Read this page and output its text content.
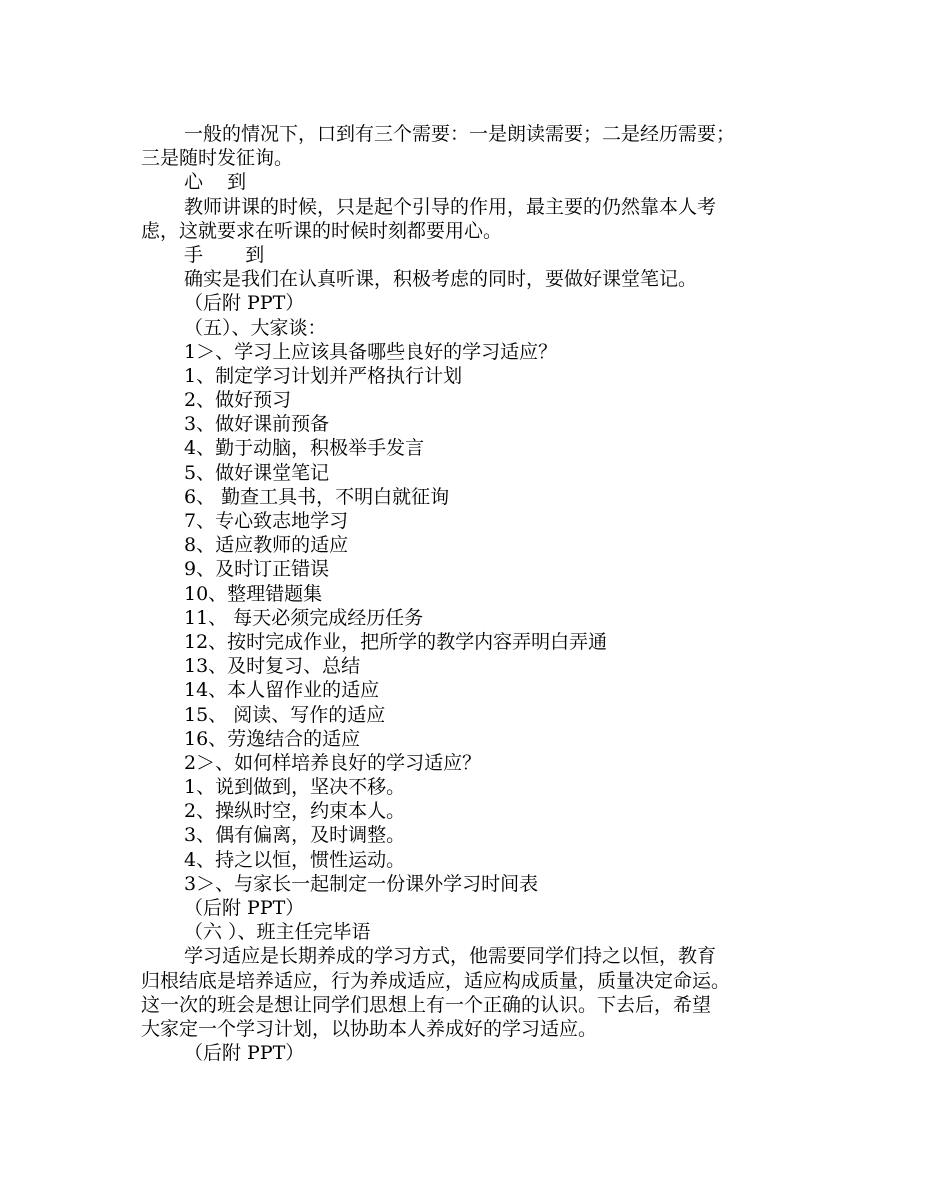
一般的情况下，口到有三个需要：一是朗读需要；二是经历需要；
三是随时发征询。
心    到
教师讲课的时候，只是起个引导的作用，最主要的仍然靠本人考
虑，这就要求在听课的时候时刻都要用心。
手       到
确实是我们在认真听课，积极考虑的同时，要做好课堂笔记。
（后附 PPT）
（五）、大家谈：
1＞、学习上应该具备哪些良好的学习适应？
1、制定学习计划并严格执行计划
2、做好预习
3、做好课前预备
4、勤于动脑，积极举手发言
5、做好课堂笔记
6、 勤查工具书，不明白就征询
7、专心致志地学习
8、适应教师的适应
9、及时订正错误
10、整理错题集
11、 每天必须完成经历任务
12、按时完成作业，把所学的教学内容弄明白弄通
13、及时复习、总结
14、本人留作业的适应
15、 阅读、写作的适应
16、劳逸结合的适应
2＞、如何样培养良好的学习适应？
1、说到做到，坚决不移。
2、操纵时空，约束本人。
3、偶有偏离，及时调整。
4、持之以恒，惯性运动。
3＞、与家长一起制定一份课外学习时间表
（后附 PPT）
（六 ）、班主任完毕语
学习适应是长期养成的学习方式，他需要同学们持之以恒，教育
归根结底是培养适应，行为养成适应，适应构成质量，质量决定命运。
这一次的班会是想让同学们思想上有一个正确的认识。下去后，希望
大家定一个学习计划，以协助本人养成好的学习适应。
（后附 PPT）
